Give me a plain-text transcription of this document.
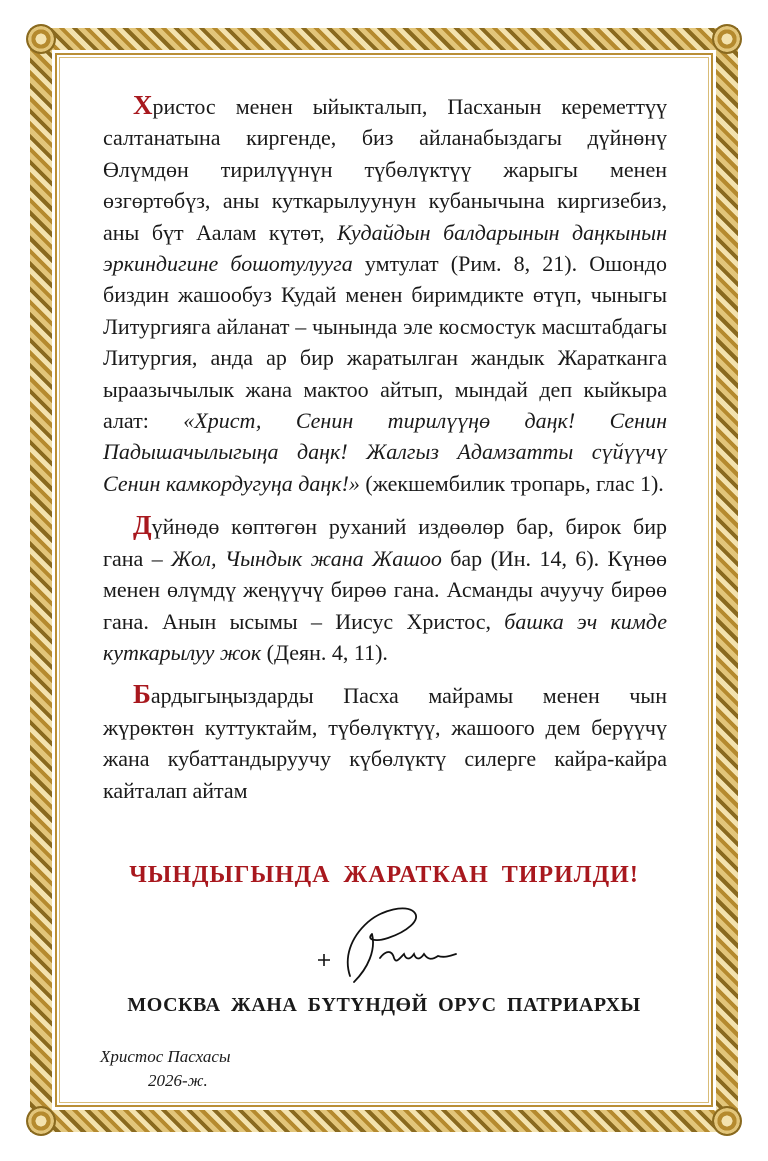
Христос менен ыйыкталып, Пасханын кереметтүү салтанатына киргенде, биз айланабыздагы дүйнөнү Өлүмдөн тирилүүнүн түбөлүктүү жарыгы менен өзгөртөбүз, аны куткарылуунун кубанычына киргизебиз, аны бүт Аалам күтөт, Кудайдын балдарынын даңкынын эркиндигине бошотулууга умтулат (Рим. 8, 21). Ошондо биздин жашообуз Кудай менен биримдикте өтүп, чыныгы Литургияга айланат – чынында эле космостук масштабдагы Литургия, анда ар бир жаратылган жандык Жаратканга ыраазычылык жана мактоо айтып, мындай деп кыйкыра алат: «Христ, Сенин тирилүүңө даңк! Сенин Падышачылыгыңа даңк! Жалгыз Адамзатты сүйүүчү Сенин камкордугуңа даңк!» (жекшембилик тропарь, глас 1).

Дүйнөдө көптөгөн руханий издөөлөр бар, бирок бир гана – Жол, Чындык жана Жашоо бар (Ин. 14, 6). Күнөө менен өлүмдү жеңүүчү бирөө гана. Асманды ачуучу бирөө гана. Анын ысымы – Иисус Христос, башка эч кимде куткарылуу жок (Деян. 4, 11).

Бардыгыңыздарды Пасха майрамы менен чын жүрөктөн куттуктайм, түбөлүктүү, жашоого дем берүүчү жана кубаттандыруучу күбөлүктү силерге кайра-кайра кайталап айтам

ЧЫНДЫГЫНДА ЖАРАТКАН ТИРИЛДИ!
МОСКВА ЖАНА БҮТҮНДӨЙ ОРУС ПАТРИАРХЫ
Христос Пасхасы
2026-ж.
